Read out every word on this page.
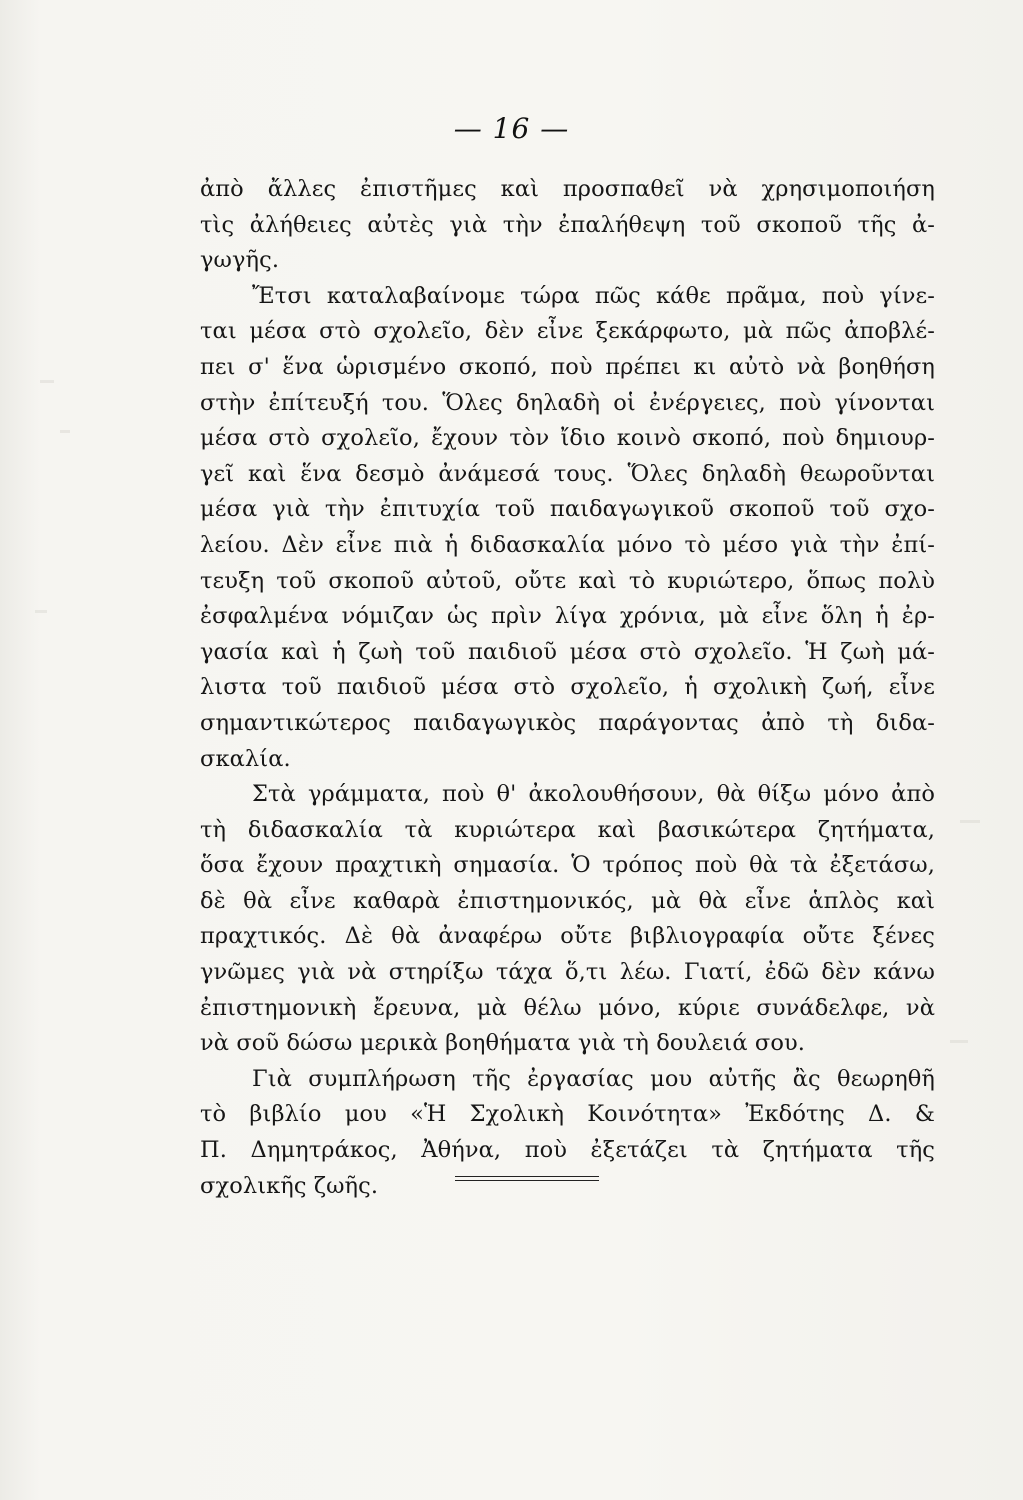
— 16 —
ἀπὸ ἄλλες ἐπιστῆμες καὶ προσπαθεῖ νὰ χρησιμοποιήση
τὶς ἀλήθειες αὐτὲς γιὰ τὴν ἐπαλήθεψη τοῦ σκοποῦ τῆς ἀ-
γωγῆς.
Ἔτσι καταλαβαίνομε τώρα πῶς κάθε πρᾶμα, ποὺ γίνε-
ται μέσα στὸ σχολεῖο, δὲν εἶνε ξεκάρφωτο, μὰ πῶς ἀποβλέ-
πει σ' ἕνα ὡρισμένο σκοπό, ποὺ πρέπει κι αὐτὸ νὰ βοηθήση
στὴν ἐπίτευξή του. Ὅλες δηλαδὴ οἱ ἐνέργειες, ποὺ γίνονται
μέσα στὸ σχολεῖο, ἔχουν τὸν ἴδιο κοινὸ σκοπό, ποὺ δημιουρ-
γεῖ καὶ ἕνα δεσμὸ ἀνάμεσά τους. Ὅλες δηλαδὴ θεωροῦνται
μέσα γιὰ τὴν ἐπιτυχία τοῦ παιδαγωγικοῦ σκοποῦ τοῦ σχο-
λείου. Δὲν εἶνε πιὰ ἡ διδασκαλία μόνο τὸ μέσο γιὰ τὴν ἐπί-
τευξη τοῦ σκοποῦ αὐτοῦ, οὔτε καὶ τὸ κυριώτερο, ὅπως πολὺ
ἐσφαλμένα νόμιζαν ὡς πρὶν λίγα χρόνια, μὰ εἶνε ὅλη ἡ ἐρ-
γασία καὶ ἡ ζωὴ τοῦ παιδιοῦ μέσα στὸ σχολεῖο. Ἡ ζωὴ μά-
λιστα τοῦ παιδιοῦ μέσα στὸ σχολεῖο, ἡ σχολικὴ ζωή, εἶνε
σημαντικώτερος παιδαγωγικὸς παράγοντας ἀπὸ τὴ διδα-
σκαλία.
Στὰ γράμματα, ποὺ θ' ἀκολουθήσουν, θὰ θίξω μόνο ἀπὸ
τὴ διδασκαλία τὰ κυριώτερα καὶ βασικώτερα ζητήματα,
ὅσα ἔχουν πραχτικὴ σημασία. Ὁ τρόπος ποὺ θὰ τὰ ἐξετάσω,
δὲ θὰ εἶνε καθαρὰ ἐπιστημονικός, μὰ θὰ εἶνε ἁπλὸς καὶ
πραχτικός. Δὲ θὰ ἀναφέρω οὔτε βιβλιογραφία οὔτε ξένες
γνῶμες γιὰ νὰ στηρίξω τάχα ὅ,τι λέω. Γιατί, ἐδῶ δὲν κάνω
ἐπιστημονικὴ ἔρευνα, μὰ θέλω μόνο, κύριε συνάδελφε, νὰ
νὰ σοῦ δώσω μερικὰ βοηθήματα γιὰ τὴ δουλειά σου.
Γιὰ συμπλήρωση τῆς ἐργασίας μου αὐτῆς ἂς θεωρηθῆ
τὸ βιβλίο μου «Ἡ Σχολικὴ Κοινότητα» Ἐκδότης Δ. &
Π. Δημητράκος, Ἀθήνα, ποὺ ἐξετάζει τὰ ζητήματα τῆς
σχολικῆς ζωῆς.
